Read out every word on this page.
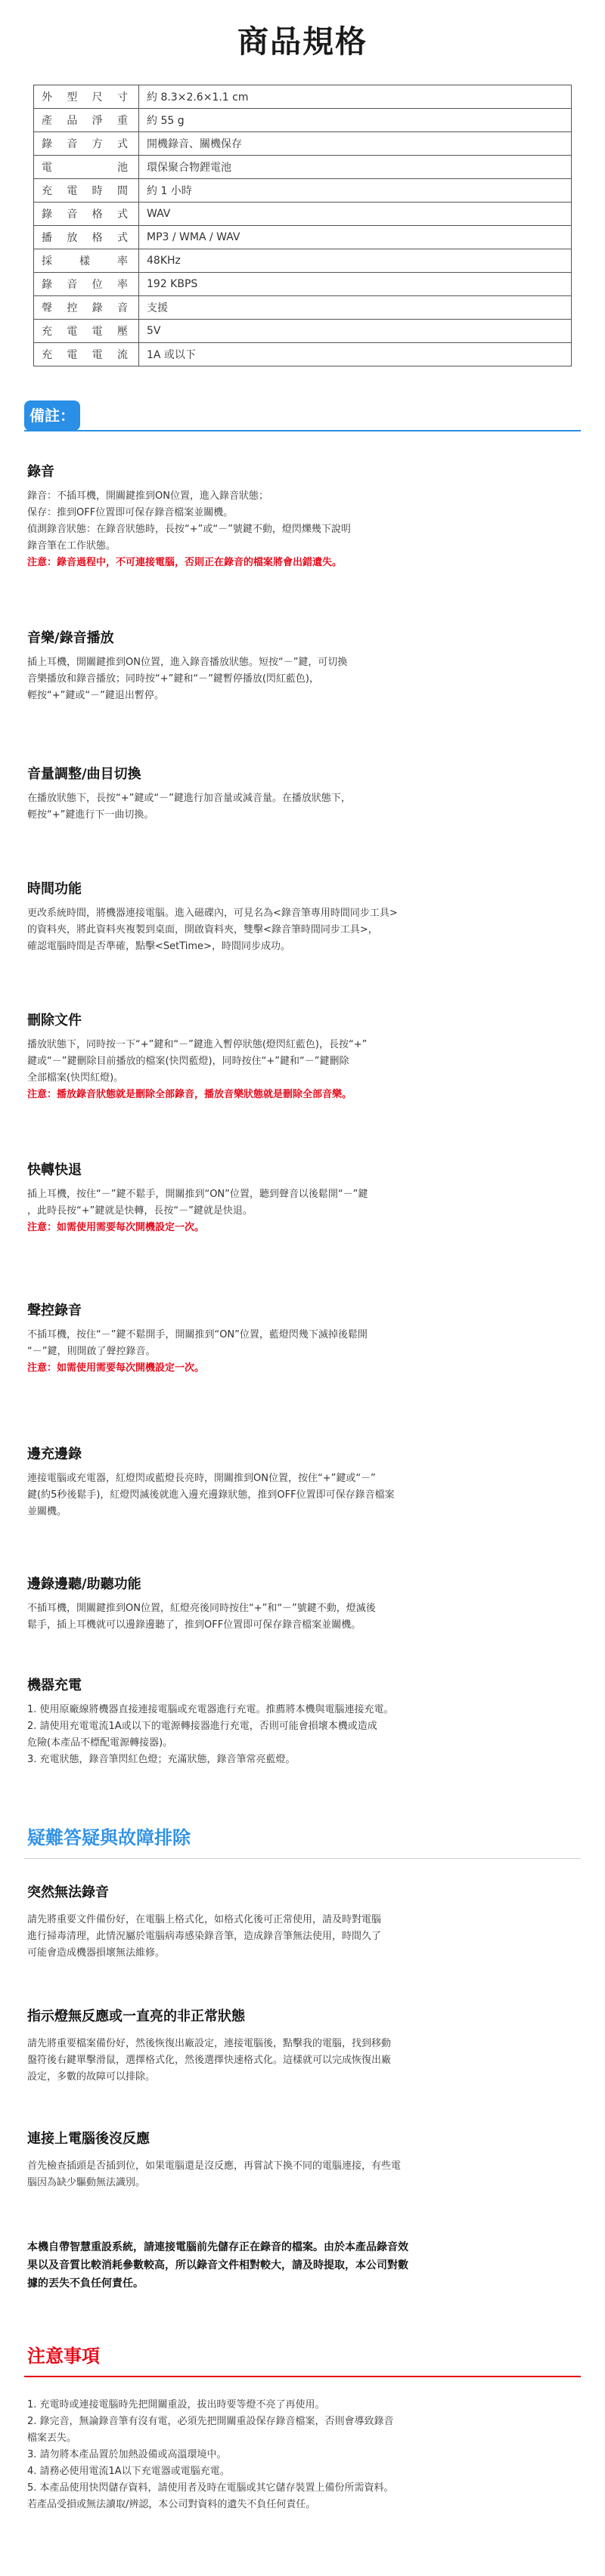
商品規格
外型尺寸	約 8.3×2.6×1.1 cm
產品淨重	約 55 g
錄音方式	開機錄音、關機保存
電池	環保聚合物鋰電池
充電時間	約 1 小時
錄音格式	WAV
播放格式	MP3 / WMA / WAV
採樣率	48KHz
錄音位率	192 KBPS
聲控錄音	支援
充電電壓	5V
充電電流	1A 或以下
備註：
錄音

錄音：不插耳機，開關鍵推到ON位置，進入錄音狀態；

保存：推到OFF位置即可保存錄音檔案並關機。

偵測錄音狀態：在錄音狀態時，長按“+”或“－”號鍵不動，燈閃爍幾下說明

錄音筆在工作狀態。

注意：錄音過程中，不可連接電腦，否則正在錄音的檔案將會出錯遺失。

音樂/錄音播放

插上耳機，開關鍵推到ON位置，進入錄音播放狀態。短按“－”鍵，可切換

音樂播放和錄音播放；同時按“+”鍵和“－”鍵暫停播放(閃紅藍色)，

輕按“+”鍵或“－”鍵退出暫停。

音量調整/曲目切換

在播放狀態下，長按“+”鍵或“－”鍵進行加音量或減音量。在播放狀態下，

輕按“+”鍵進行下一曲切換。

時間功能

更改系統時間，將機器連接電腦。進入磁碟內，可見名為<錄音筆專用時間同步工具>

的資料夾，將此資料夾複製到桌面，開啟資料夾，雙擊<錄音筆時間同步工具>，

確認電腦時間是否準確，點擊<SetTime>，時間同步成功。

刪除文件

播放狀態下，同時按一下“+”鍵和“－”鍵進入暫停狀態(燈閃紅藍色)，長按“+”

鍵或“－”鍵刪除目前播放的檔案(快閃藍燈)，同時按住“+”鍵和“－”鍵刪除

全部檔案(快閃紅燈)。

注意：播放錄音狀態就是刪除全部錄音，播放音樂狀態就是刪除全部音樂。

快轉快退

插上耳機，按住“－”鍵不鬆手，開關推到“ON”位置，聽到聲音以後鬆開“－”鍵

，此時長按“+”鍵就是快轉，長按“－”鍵就是快退。

注意：如需使用需要每次開機設定一次。

聲控錄音

不插耳機，按住“－”鍵不鬆開手，開關推到“ON”位置，藍燈閃幾下滅掉後鬆開

“－”鍵，則開啟了聲控錄音。

注意：如需使用需要每次開機設定一次。

邊充邊錄

連接電腦或充電器，紅燈閃或藍燈長亮時，開關推到ON位置，按住“+”鍵或“－”

鍵(約5秒後鬆手)，紅燈閃滅後就進入邊充邊錄狀態，推到OFF位置即可保存錄音檔案

並關機。

邊錄邊聽/助聽功能

不插耳機，開關鍵推到ON位置，紅燈亮後同時按住“+”和“－”號鍵不動，燈滅後

鬆手，插上耳機就可以邊錄邊聽了，推到OFF位置即可保存錄音檔案並關機。

機器充電

1. 使用原廠線將機器直接連接電腦或充電器進行充電。推薦將本機與電腦連接充電。

2. 請使用充電電流1A或以下的電源轉接器進行充電，否則可能會損壞本機或造成

危險(本產品不標配電源轉接器)。

3. 充電狀態，錄音筆閃紅色燈；充滿狀態，錄音筆常亮藍燈。

疑難答疑與故障排除
突然無法錄音

請先將重要文件備份好，在電腦上格式化，如格式化後可正常使用，請及時對電腦

進行掃毒清理，此情況屬於電腦病毒感染錄音筆，造成錄音筆無法使用，時間久了

可能會造成機器損壞無法維修。

指示燈無反應或一直亮的非正常狀態

請先將重要檔案備份好，然後恢復出廠設定，連接電腦後，點擊我的電腦，找到移動

盤符後右鍵單擊滑鼠，選擇格式化，然後選擇快速格式化。這樣就可以完成恢復出廠

設定，多數的故障可以排除。

連接上電腦後沒反應

首先檢查插頭是否插到位，如果電腦還是沒反應，再嘗試下換不同的電腦連接，有些電

腦因為缺少驅動無法識別。

本機自帶智慧重設系統，請連接電腦前先儲存正在錄音的檔案。由於本產品錄音效
果以及音質比較消耗參數較高，所以錄音文件相對較大，請及時提取，本公司對數
據的丟失不負任何責任。
注意事項

1. 充電時或連接電腦時先把開關重設，拔出時要等燈不亮了再使用。

2. 錄完音，無論錄音筆有沒有電，必須先把開關重設保存錄音檔案，否則會導致錄音

檔案丟失。

3. 請勿將本產品置於加熱設備或高溫環境中。

4. 請務必使用電流1A以下充電器或電腦充電。

5. 本產品使用快閃儲存資料，請使用者及時在電腦或其它儲存裝置上備份所需資料。

若產品受損或無法讀取/辨認，本公司對資料的遺失不負任何責任。
